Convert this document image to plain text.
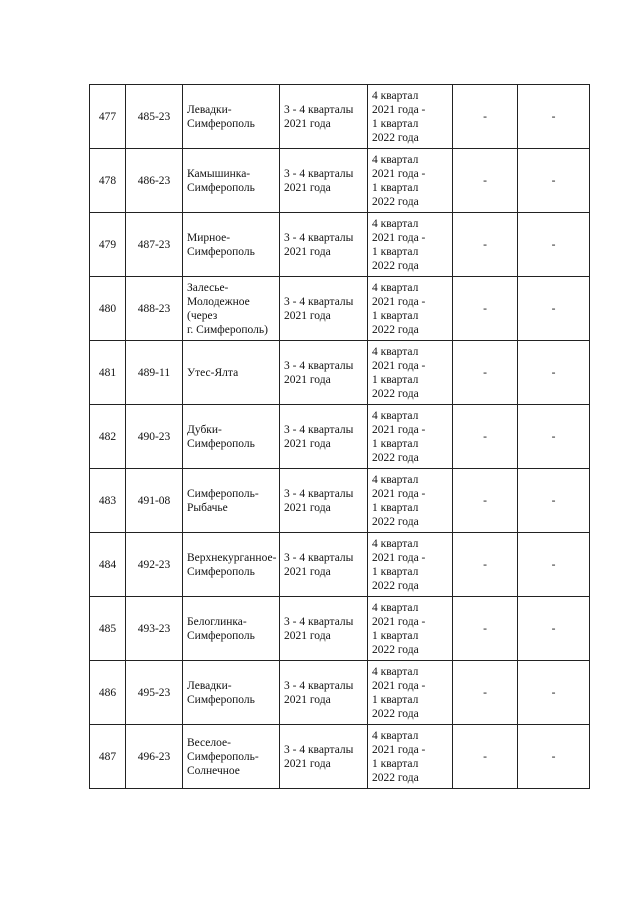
477	485-23	Левадки-
Симферополь	3 - 4 кварталы
2021 года	4 квартал
2021 года -
1 квартал
2022 года	-	-
478	486-23	Камышинка-
Симферополь	3 - 4 кварталы
2021 года	4 квартал
2021 года -
1 квартал
2022 года	-	-
479	487-23	Мирное-
Симферополь	3 - 4 кварталы
2021 года	4 квартал
2021 года -
1 квартал
2022 года	-	-
480	488-23	Залесье-
Молодежное
(через
г. Симферополь)	3 - 4 кварталы
2021 года	4 квартал
2021 года -
1 квартал
2022 года	-	-
481	489-11	Утес-Ялта	3 - 4 кварталы
2021 года	4 квартал
2021 года -
1 квартал
2022 года	-	-
482	490-23	Дубки-
Симферополь	3 - 4 кварталы
2021 года	4 квартал
2021 года -
1 квартал
2022 года	-	-
483	491-08	Симферополь-
Рыбачье	3 - 4 кварталы
2021 года	4 квартал
2021 года -
1 квартал
2022 года	-	-
484	492-23	Верхнекурганное-
Симферополь	3 - 4 кварталы
2021 года	4 квартал
2021 года -
1 квартал
2022 года	-	-
485	493-23	Белоглинка-
Симферополь	3 - 4 кварталы
2021 года	4 квартал
2021 года -
1 квартал
2022 года	-	-
486	495-23	Левадки-
Симферополь	3 - 4 кварталы
2021 года	4 квартал
2021 года -
1 квартал
2022 года	-	-
487	496-23	Веселое-
Симферополь-
Солнечное	3 - 4 кварталы
2021 года	4 квартал
2021 года -
1 квартал
2022 года	-	-
